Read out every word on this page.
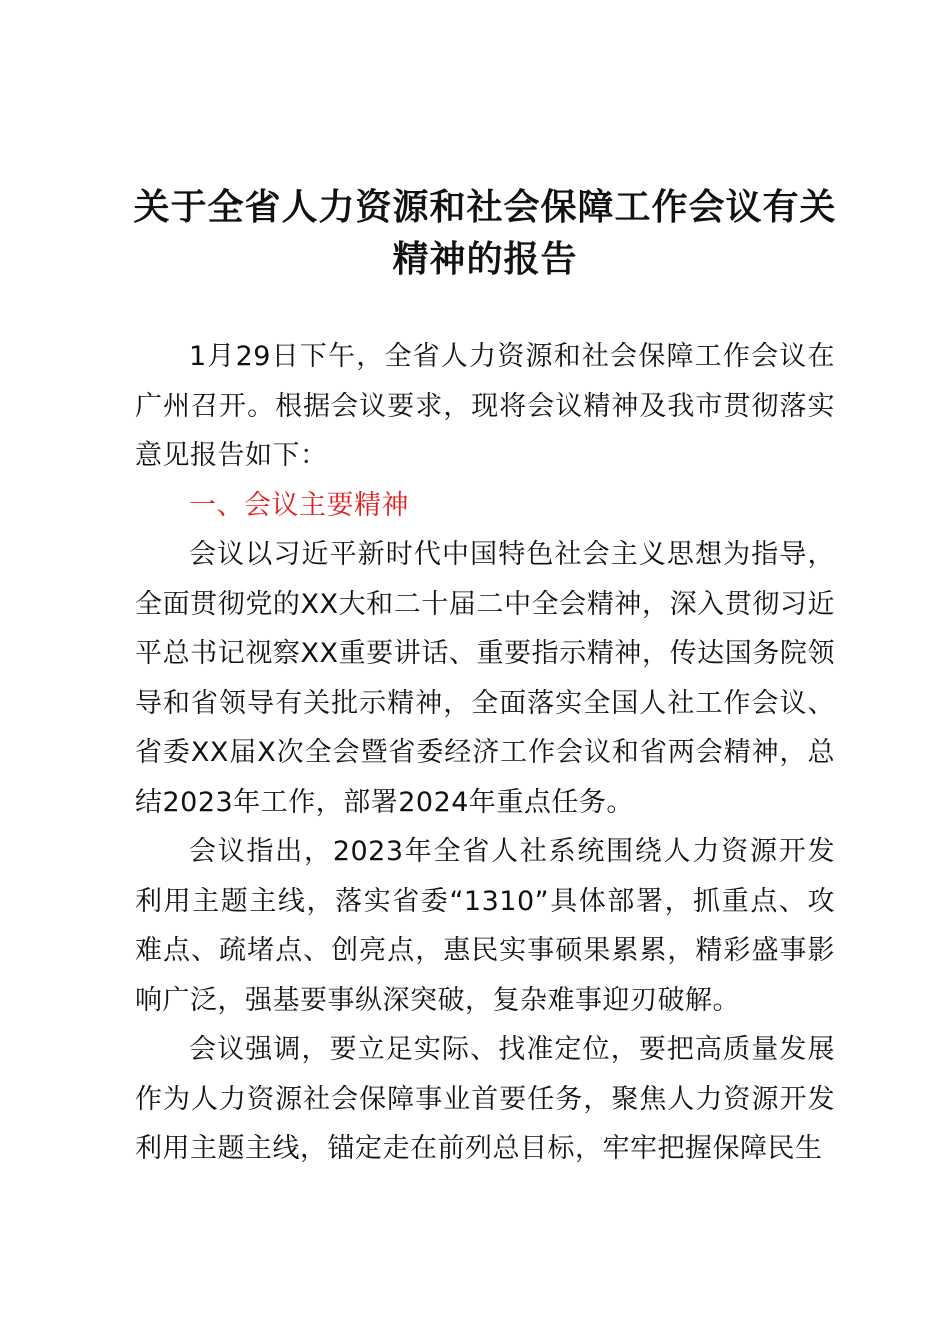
关于全省人力资源和社会保障工作会议有关精神的报告

1月29日下午，全省人力资源和社会保障工作会议在广州召开。根据会议要求，现将会议精神及我市贯彻落实意见报告如下：

一、会议主要精神

会议以习近平新时代中国特色社会主义思想为指导，全面贯彻党的XX大和二十届二中全会精神，深入贯彻习近平总书记视察XX重要讲话、重要指示精神，传达国务院领导和省领导有关批示精神，全面落实全国人社工作会议、省委XX届X次全会暨省委经济工作会议和省两会精神，总结2023年工作，部署2024年重点任务。

会议指出，2023年全省人社系统围绕人力资源开发利用主题主线，落实省委“1310”具体部署，抓重点、攻难点、疏堵点、创亮点，惠民实事硕果累累，精彩盛事影响广泛，强基要事纵深突破，复杂难事迎刃破解。

会议强调，要立足实际、找准定位，要把高质量发展作为人力资源社会保障事业首要任务，聚焦人力资源开发利用主题主线，锚定走在前列总目标，牢牢把握保障民生
